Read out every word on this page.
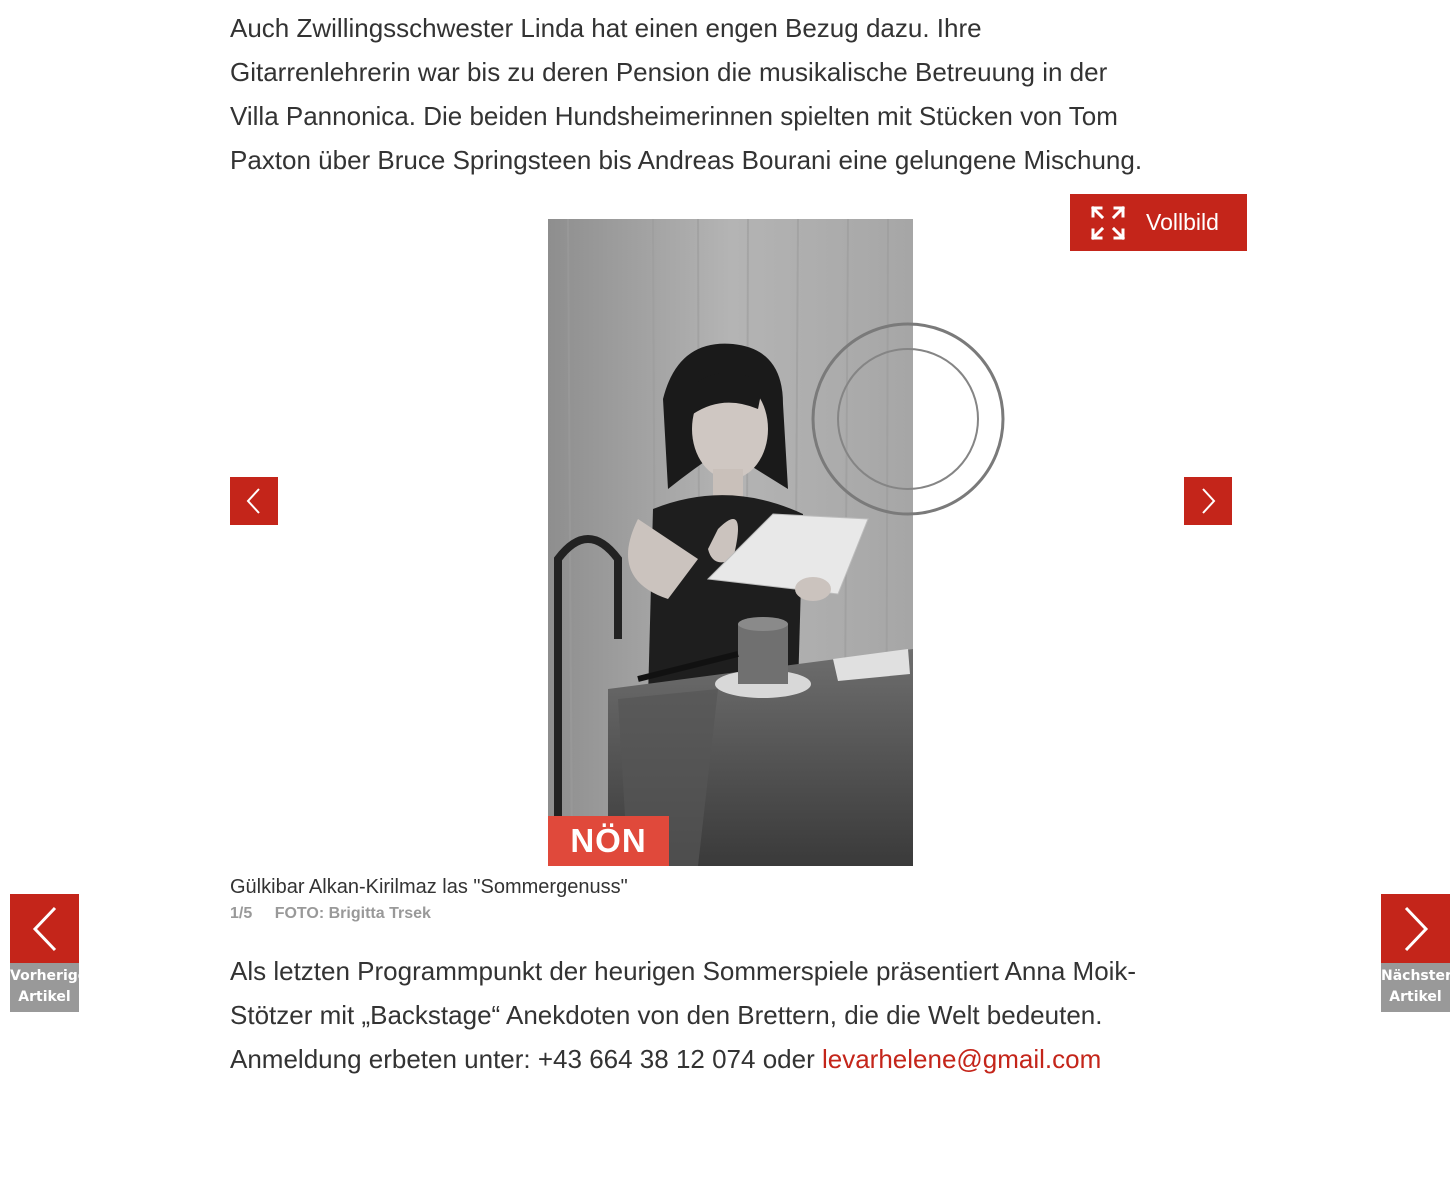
Auch Zwillingsschwester Linda hat einen engen Bezug dazu. Ihre
Gitarrenlehrerin war bis zu deren Pension die musikalische Betreuung in der
Villa Pannonica. Die beiden Hundsheimerinnen spielten mit Stücken von Tom
Paxton über Bruce Springsteen bis Andreas Bourani eine gelungene Mischung.

Vollbild
NÖN
Gülkibar Alkan-Kirilmaz las "Sommergenuss"
1/5 FOTO: Brigitta Trsek

Als letzten Programmpunkt der heurigen Sommerspiele präsentiert Anna Moik-
Stötzer mit „Backstage“ Anekdoten von den Brettern, die die Welt bedeuten.
Anmeldung erbeten unter: +43 664 38 12 074 oder levarhelene@gmail.com

Vorheriger
Artikel
Nächster
Artikel
